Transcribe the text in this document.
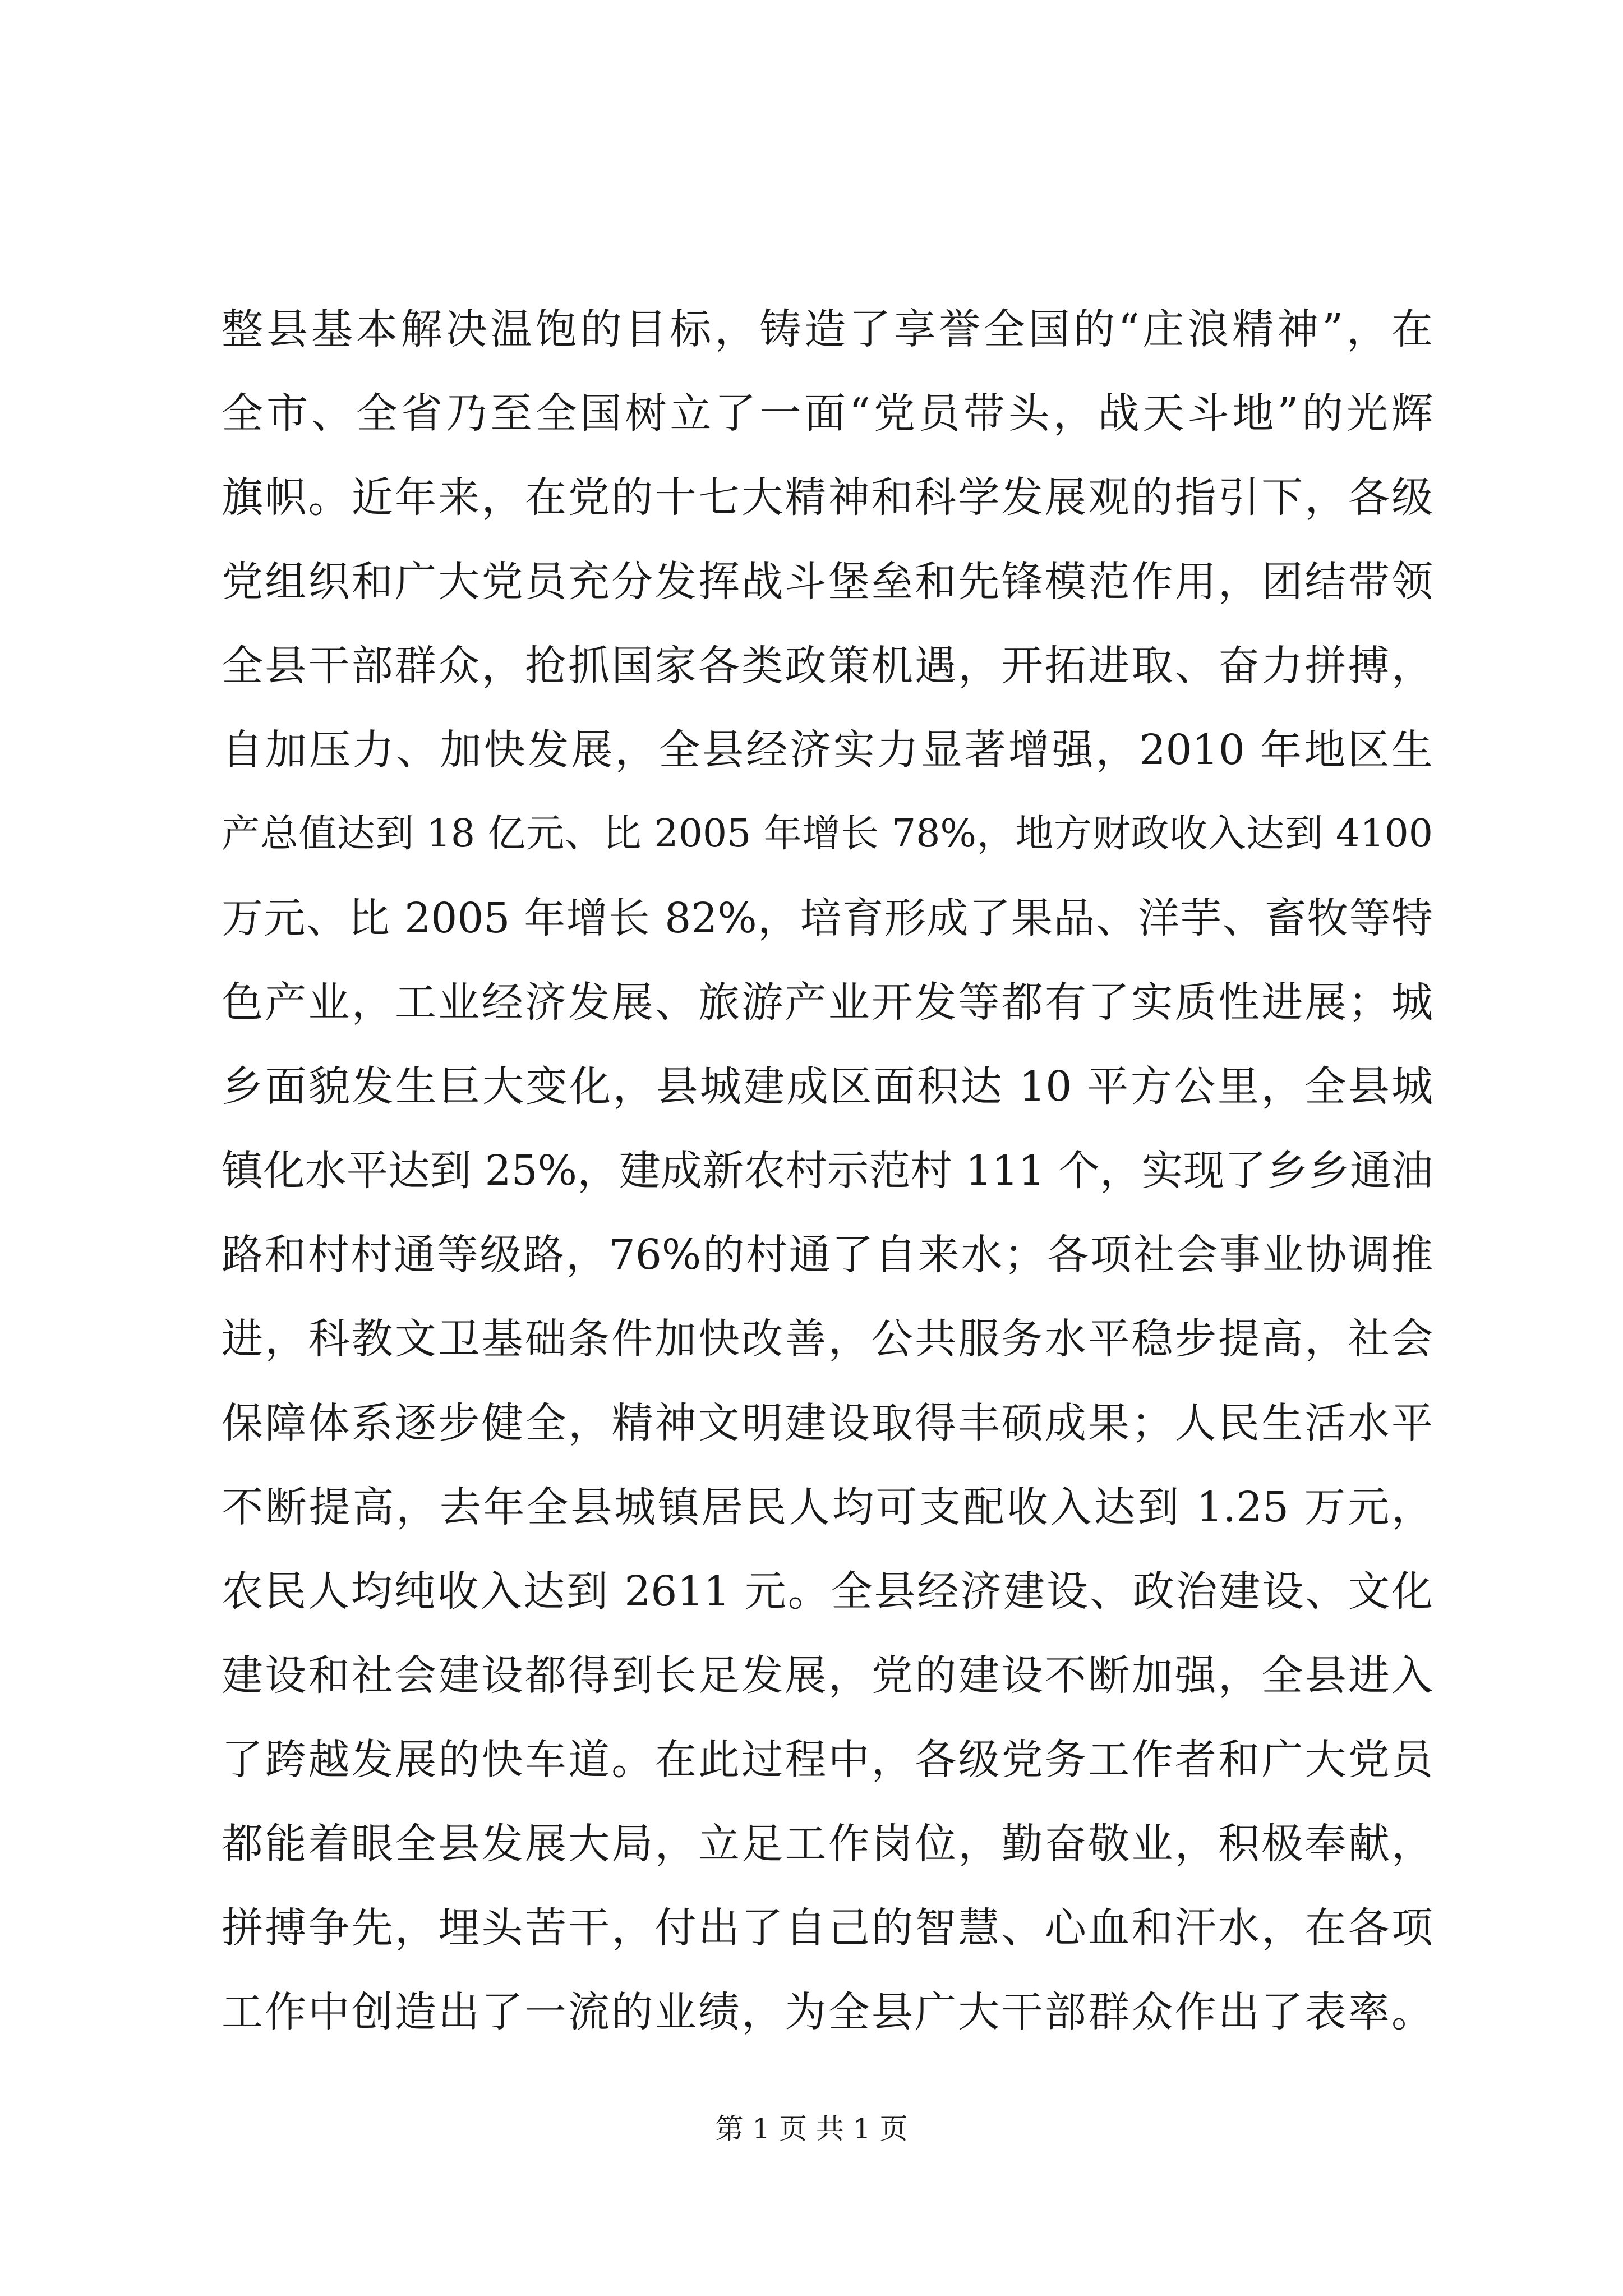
整县基本解决温饱的目标，铸造了享誉全国的“庄浪精神”，在
全市、全省乃至全国树立了一面“党员带头，战天斗地”的光辉
旗帜。近年来，在党的十七大精神和科学发展观的指引下，各级
党组织和广大党员充分发挥战斗堡垒和先锋模范作用，团结带领
全县干部群众，抢抓国家各类政策机遇，开拓进取、奋力拼搏，
自加压力、加快发展，全县经济实力显著增强，2010 年地区生
产总值达到 18 亿元、比 2005 年增长 78%，地方财政收入达到 4100
万元、比 2005 年增长 82%，培育形成了果品、洋芋、畜牧等特
色产业，工业经济发展、旅游产业开发等都有了实质性进展；城
乡面貌发生巨大变化，县城建成区面积达 10 平方公里，全县城
镇化水平达到 25%，建成新农村示范村 111 个，实现了乡乡通油
路和村村通等级路，76%的村通了自来水；各项社会事业协调推
进，科教文卫基础条件加快改善，公共服务水平稳步提高，社会
保障体系逐步健全，精神文明建设取得丰硕成果；人民生活水平
不断提高，去年全县城镇居民人均可支配收入达到 1.25 万元，
农民人均纯收入达到 2611 元。全县经济建设、政治建设、文化
建设和社会建设都得到长足发展，党的建设不断加强，全县进入
了跨越发展的快车道。在此过程中，各级党务工作者和广大党员
都能着眼全县发展大局，立足工作岗位，勤奋敬业，积极奉献，
拼搏争先，埋头苦干，付出了自己的智慧、心血和汗水，在各项
工作中创造出了一流的业绩，为全县广大干部群众作出了表率。
第 1 页 共 1 页
